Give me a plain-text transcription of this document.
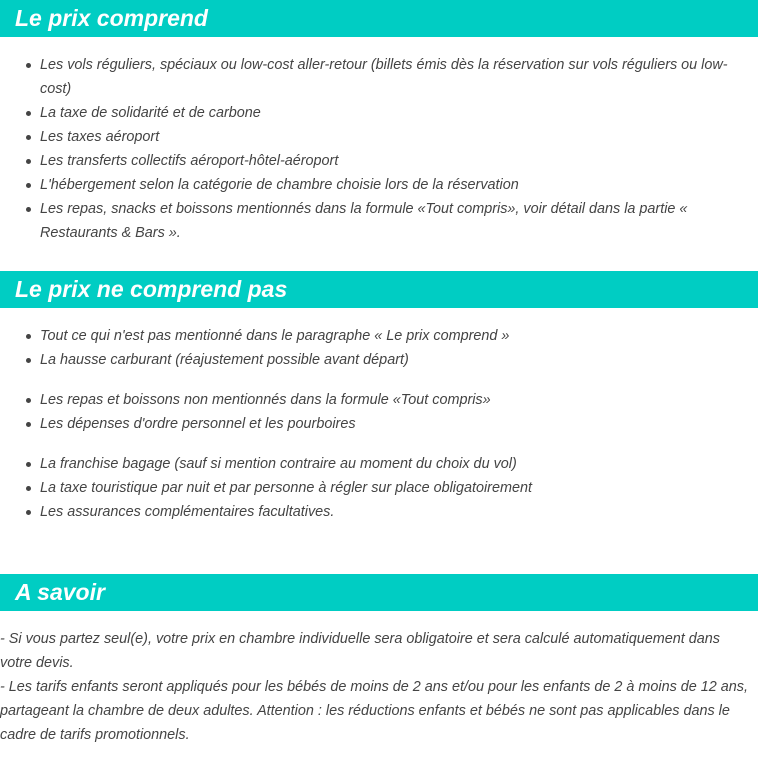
Le prix comprend
Les vols réguliers, spéciaux ou low-cost aller-retour (billets émis dès la réservation sur vols réguliers ou low-cost)
La taxe de solidarité et de carbone
Les taxes aéroport
Les transferts collectifs aéroport-hôtel-aéroport
L'hébergement selon la catégorie de chambre choisie lors de la réservation
Les repas, snacks et boissons mentionnés dans la formule «Tout compris», voir détail dans la partie « Restaurants & Bars ».
Le prix ne comprend pas
Tout ce qui n'est pas mentionné dans le paragraphe « Le prix comprend »
La hausse carburant (réajustement possible avant départ)
Les repas et boissons non mentionnés dans la formule «Tout compris»
Les dépenses d'ordre personnel et les pourboires
La franchise bagage (sauf si mention contraire au moment du choix du vol)
La taxe touristique par nuit et par personne à régler sur place obligatoirement
Les assurances complémentaires facultatives.
A savoir

- Si vous partez seul(e), votre prix en chambre individuelle sera obligatoire et sera calculé automatiquement dans votre devis.

- Les tarifs enfants seront appliqués pour les bébés de moins de 2 ans et/ou pour les enfants de 2 à moins de 12 ans, partageant la chambre de deux adultes. Attention : les réductions enfants et bébés ne sont pas applicables dans le cadre de tarifs promotionnels.
